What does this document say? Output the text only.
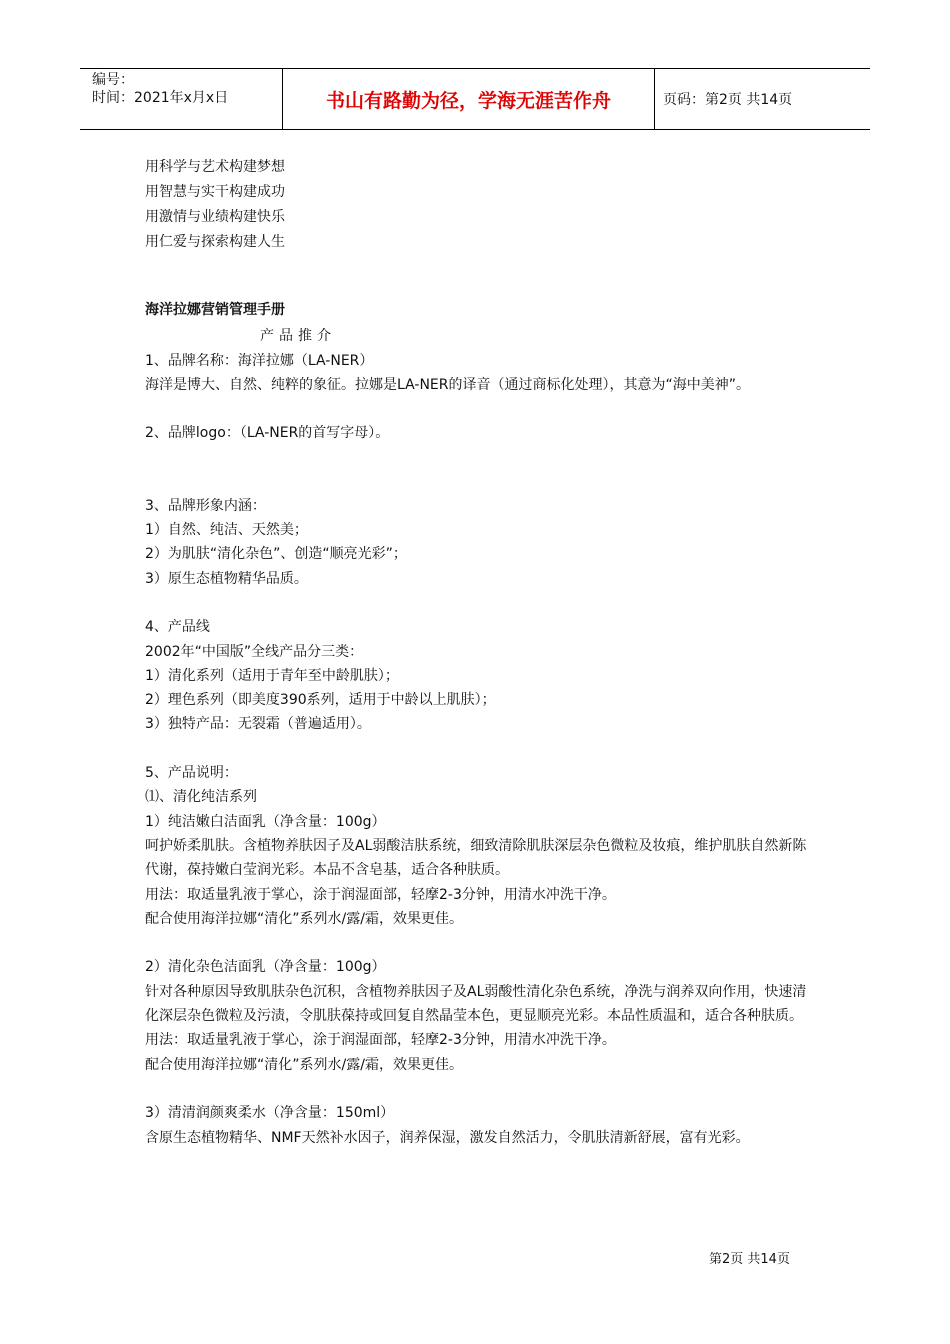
编号：
时间：2021年x月x日	书山有路勤为径，学海无涯苦作舟	页码：第2页 共14页
用科学与艺术构建梦想
用智慧与实干构建成功
用激情与业绩构建快乐
用仁爱与探索构建人生

海洋拉娜营销管理手册

产品推介

1、品牌名称：海洋拉娜（LA-NER）

海洋是博大、自然、纯粹的象征。拉娜是LA-NER的译音（通过商标化处理），其意为“海中美神”。

2、品牌logo：（LA-NER的首写字母）。

3、品牌形象内涵：

1）自然、纯洁、天然美；

2）为肌肤“清化杂色”、创造“顺亮光彩”；

3）原生态植物精华品质。

4、产品线

2002年“中国版”全线产品分三类：

1）清化系列（适用于青年至中龄肌肤）；

2）理色系列（即美度390系列，适用于中龄以上肌肤）；

3）独特产品：无裂霜（普遍适用）。

5、产品说明：

⑴、清化纯洁系列

1）纯洁嫩白洁面乳（净含量：100g）

呵护娇柔肌肤。含植物养肤因子及AL弱酸洁肤系统，细致清除肌肤深层杂色微粒及妆痕，维护肌肤自然新陈代谢，葆持嫩白莹润光彩。本品不含皂基，适合各种肤质。

用法：取适量乳液于掌心，涂于润湿面部，轻摩2-3分钟，用清水冲洗干净。

配合使用海洋拉娜“清化”系列水/露/霜，效果更佳。

2）清化杂色洁面乳（净含量：100g）

针对各种原因导致肌肤杂色沉积，含植物养肤因子及AL弱酸性清化杂色系统，净洗与润养双向作用，快速清化深层杂色微粒及污渍，令肌肤葆持或回复自然晶莹本色，更显顺亮光彩。本品性质温和，适合各种肤质。

用法：取适量乳液于掌心，涂于润湿面部，轻摩2-3分钟，用清水冲洗干净。

配合使用海洋拉娜“清化”系列水/露/霜，效果更佳。

3）清清润颜爽柔水（净含量：150ml）

含原生态植物精华、NMF天然补水因子，润养保湿，激发自然活力，令肌肤清新舒展，富有光彩。

第2页 共14页
